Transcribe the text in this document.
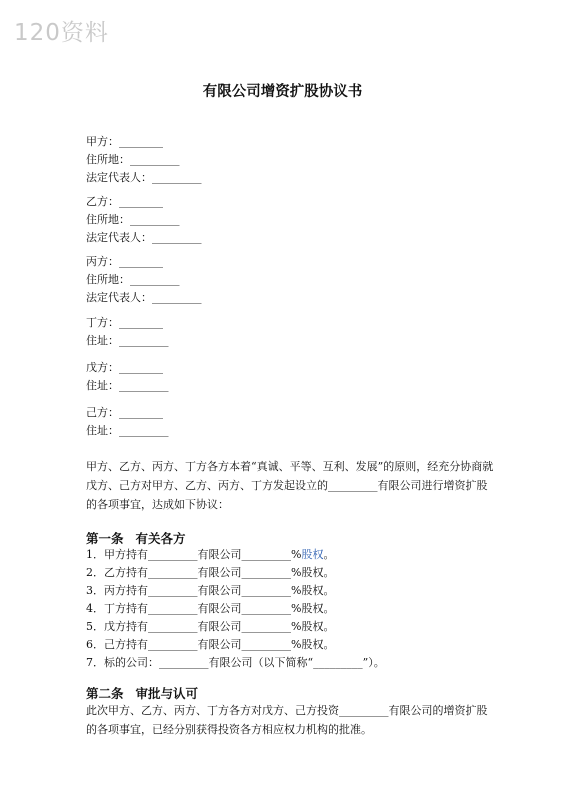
120资料
有限公司增资扩股协议书
甲方：________
住所地：_________
法定代表人：_________
乙方：________
住所地：_________
法定代表人：_________
丙方：________
住所地：_________
法定代表人：_________
丁方：________
住址：_________
戊方：________
住址：_________
己方：________
住址：_________
甲方、乙方、丙方、丁方各方本着“真诚、平等、互利、发展”的原则，经充分协商就戊方、己方对甲方、乙方、丙方、丁方发起设立的_________有限公司进行增资扩股的各项事宜，达成如下协议：
第一条 有关各方
1．甲方持有_________有限公司_________%股权。
2．乙方持有_________有限公司_________%股权。
3．丙方持有_________有限公司_________%股权。
4．丁方持有_________有限公司_________%股权。
5．戊方持有_________有限公司_________%股权。
6．己方持有_________有限公司_________%股权。
7．标的公司：_________有限公司（以下简称“_________”）。
第二条 审批与认可
此次甲方、乙方、丙方、丁方各方对戊方、己方投资_________有限公司的增资扩股的各项事宜，已经分别获得投资各方相应权力机构的批准。
